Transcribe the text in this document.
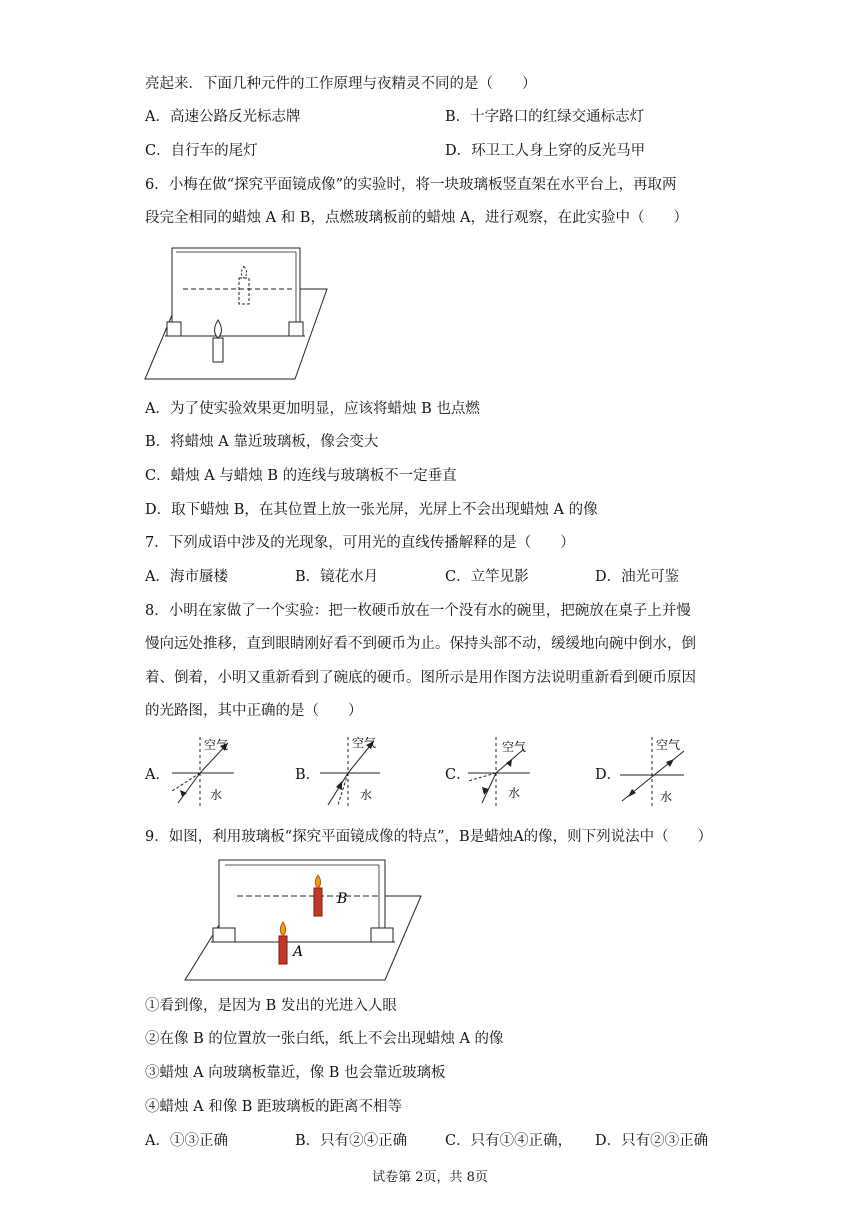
亮起来．下面几种元件的工作原理与夜精灵不同的是（　　）
A．高速公路反光标志牌	B．十字路口的红绿交通标志灯
C．自行车的尾灯	D．环卫工人身上穿的反光马甲
6．小梅在做“探究平面镜成像”的实验时，将一块玻璃板竖直架在水平台上，再取两
段完全相同的蜡烛 A 和 B，点燃玻璃板前的蜡烛 A，进行观察，在此实验中（　　）
A．为了使实验效果更加明显，应该将蜡烛 B 也点燃
B．将蜡烛 A 靠近玻璃板，像会变大
C．蜡烛 A 与蜡烛 B 的连线与玻璃板不一定垂直
D．取下蜡烛 B，在其位置上放一张光屏，光屏上不会出现蜡烛 A 的像
7．下列成语中涉及的光现象，可用光的直线传播解释的是（　　）
A．海市蜃楼	B．镜花水月	C．立竿见影	D．油光可鉴
8．小明在家做了一个实验：把一枚硬币放在一个没有水的碗里，把碗放在桌子上并慢
慢向远处推移，直到眼睛刚好看不到硬币为止。保持头部不动，缓缓地向碗中倒水，倒
着、倒着，小明又重新看到了碗底的硬币。图所示是用作图方法说明重新看到硬币原因
的光路图，其中正确的是（　　）
A．
空气
水
B．
空气
水
C．
空气
水
D．
空气
水
9．如图，利用玻璃板“探究平面镜成像的特点”，B是蜡烛A的像，则下列说法中（　　）
B
A
①看到像，是因为 B 发出的光进入人眼
②在像 B 的位置放一张白纸，纸上不会出现蜡烛 A 的像
③蜡烛 A 向玻璃板靠近，像 B 也会靠近玻璃板
④蜡烛 A 和像 B 距玻璃板的距离不相等
A．①③正确	B．只有②④正确	C．只有①④正确， D．只有②③正确
试卷第 2页，共 8页
